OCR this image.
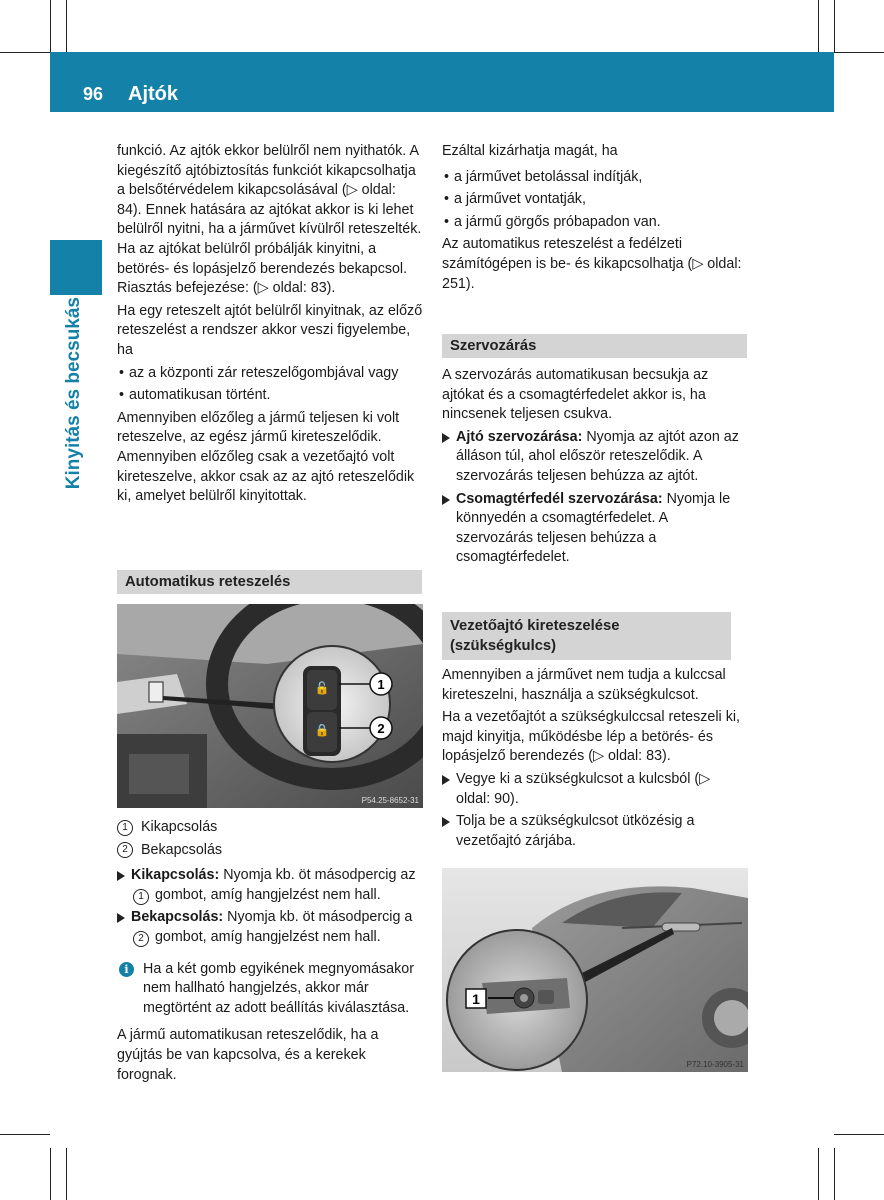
96 Ajtók
Kinyitás és becsukás

funkció. Az ajtók ekkor belülről nem nyithatók. A kiegészítő ajtóbiztosítás funkciót kikapcsolhatja a belsőtérvédelem kikapcsolásával (▷ oldal: 84). Ennek hatására az ajtókat akkor is ki lehet belülről nyitni, ha a járművet kívülről reteszelték. Ha az ajtókat belülről próbálják kinyitni, a betörés- és lopásjelző berendezés bekapcsol. Riasztás befejezése: (▷ oldal: 83).

Ha egy reteszelt ajtót belülről kinyitnak, az előző reteszelést a rendszer akkor veszi figyelembe, ha

• az a központi zár reteszelőgombjával vagy
• automatikusan történt.

Amennyiben előzőleg a jármű teljesen ki volt reteszelve, az egész jármű kireteszelődik. Amennyiben előzőleg csak a vezetőajtó volt kireteszelve, akkor csak az az ajtó reteszelődik ki, amelyet belülről kinyitottak.

Automatikus reteszelés
🔓
🔒
1
2
P54.25-8652-31
1 Kikapcsolás
2 Bekapcsolás
Kikapcsolás: Nyomja kb. öt másodpercig az 1 gombot, amíg hangjelzést nem hall.
Bekapcsolás: Nyomja kb. öt másodpercig a 2 gombot, amíg hangjelzést nem hall.
i	Ha a két gomb egyikének megnyomásakor nem hallható hangjelzés, akkor már megtörtént az adott beállítás kiválasztása.

A jármű automatikusan reteszelődik, ha a gyújtás be van kapcsolva, és a kerekek forognak.

Ezáltal kizárhatja magát, ha

• a járművet betolással indítják,
• a járművet vontatják,
• a jármű görgős próbapadon van.

Az automatikus reteszelést a fedélzeti számítógépen is be- és kikapcsolhatja (▷ oldal: 251).

Szervozárás

A szervozárás automatikusan becsukja az ajtókat és a csomagtérfedelet akkor is, ha nincsenek teljesen csukva.

Ajtó szervozárása: Nyomja az ajtót azon az álláson túl, ahol először reteszelődik. A szervozárás teljesen behúzza az ajtót.
Csomagtérfedél szervozárása: Nyomja le könnyedén a csomagtérfedelet. A szervozárás teljesen behúzza a csomagtérfedelet.
Vezetőajtó kireteszelése (szükségkulcs)

Amennyiben a járművet nem tudja a kulccsal kireteszelni, használja a szükségkulcsot.

Ha a vezetőajtót a szükségkulccsal reteszeli ki, majd kinyitja, működésbe lép a betörés- és lopásjelző berendezés (▷ oldal: 83).

Vegye ki a szükségkulcsot a kulcsból (▷ oldal: 90).
Tolja be a szükségkulcsot ütközésig a vezetőajtó zárjába.
1
P72.10-3905-31
